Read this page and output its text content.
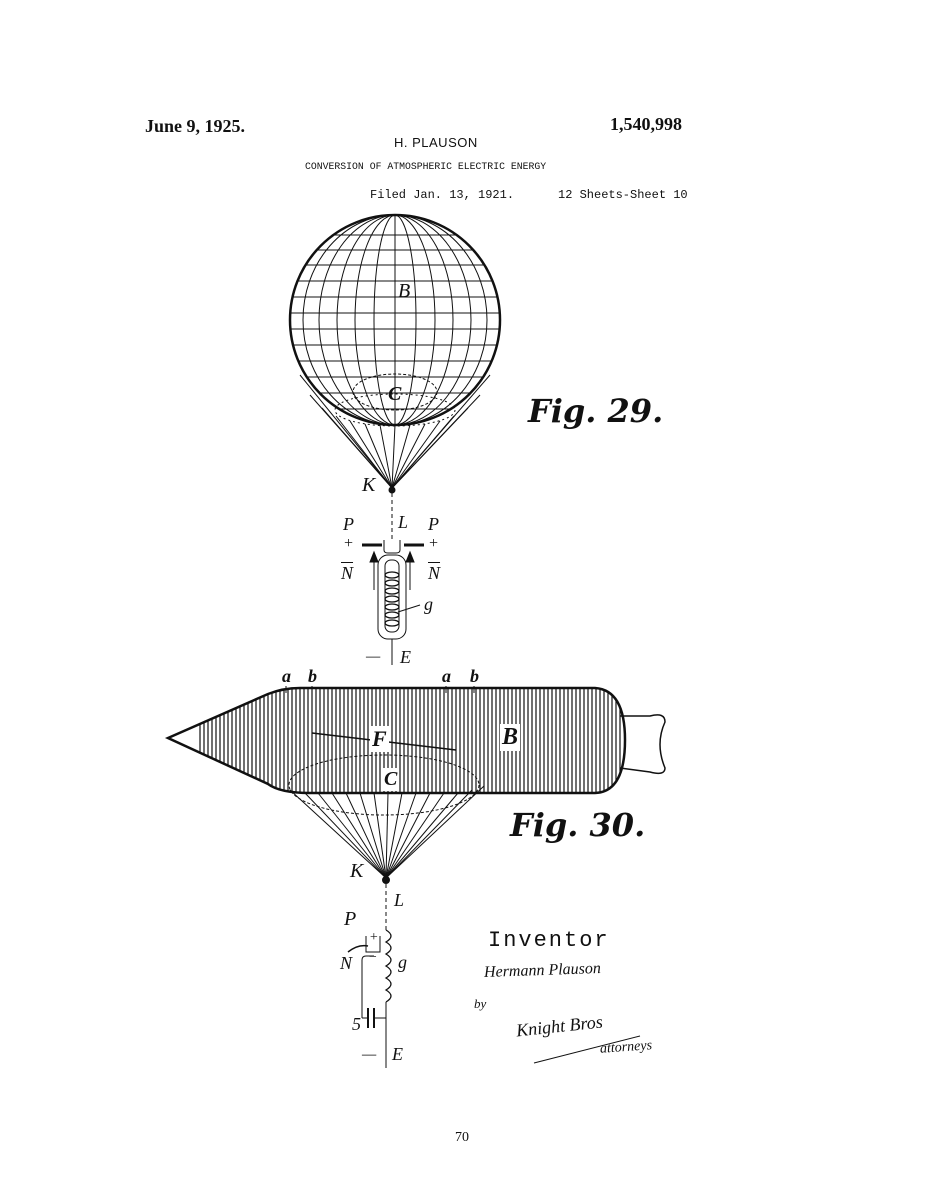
June 9, 1925.	1,540,998
H. PLAUSON
CONVERSION OF ATMOSPHERIC ELECTRIC ENERGY
Filed Jan. 13, 1921.	12 Sheets-Sheet 10
Fig. 29.
B
C
K
L
P	P
+	+
$\overline{N}$	$\overline{N}$
g
— E
Fig. 30.
a b	a b
F	B
C
K
L
P
+
N − g
5
— E
Inventor
Hermann Plauson
by
Knight Bros
attorneys
70
